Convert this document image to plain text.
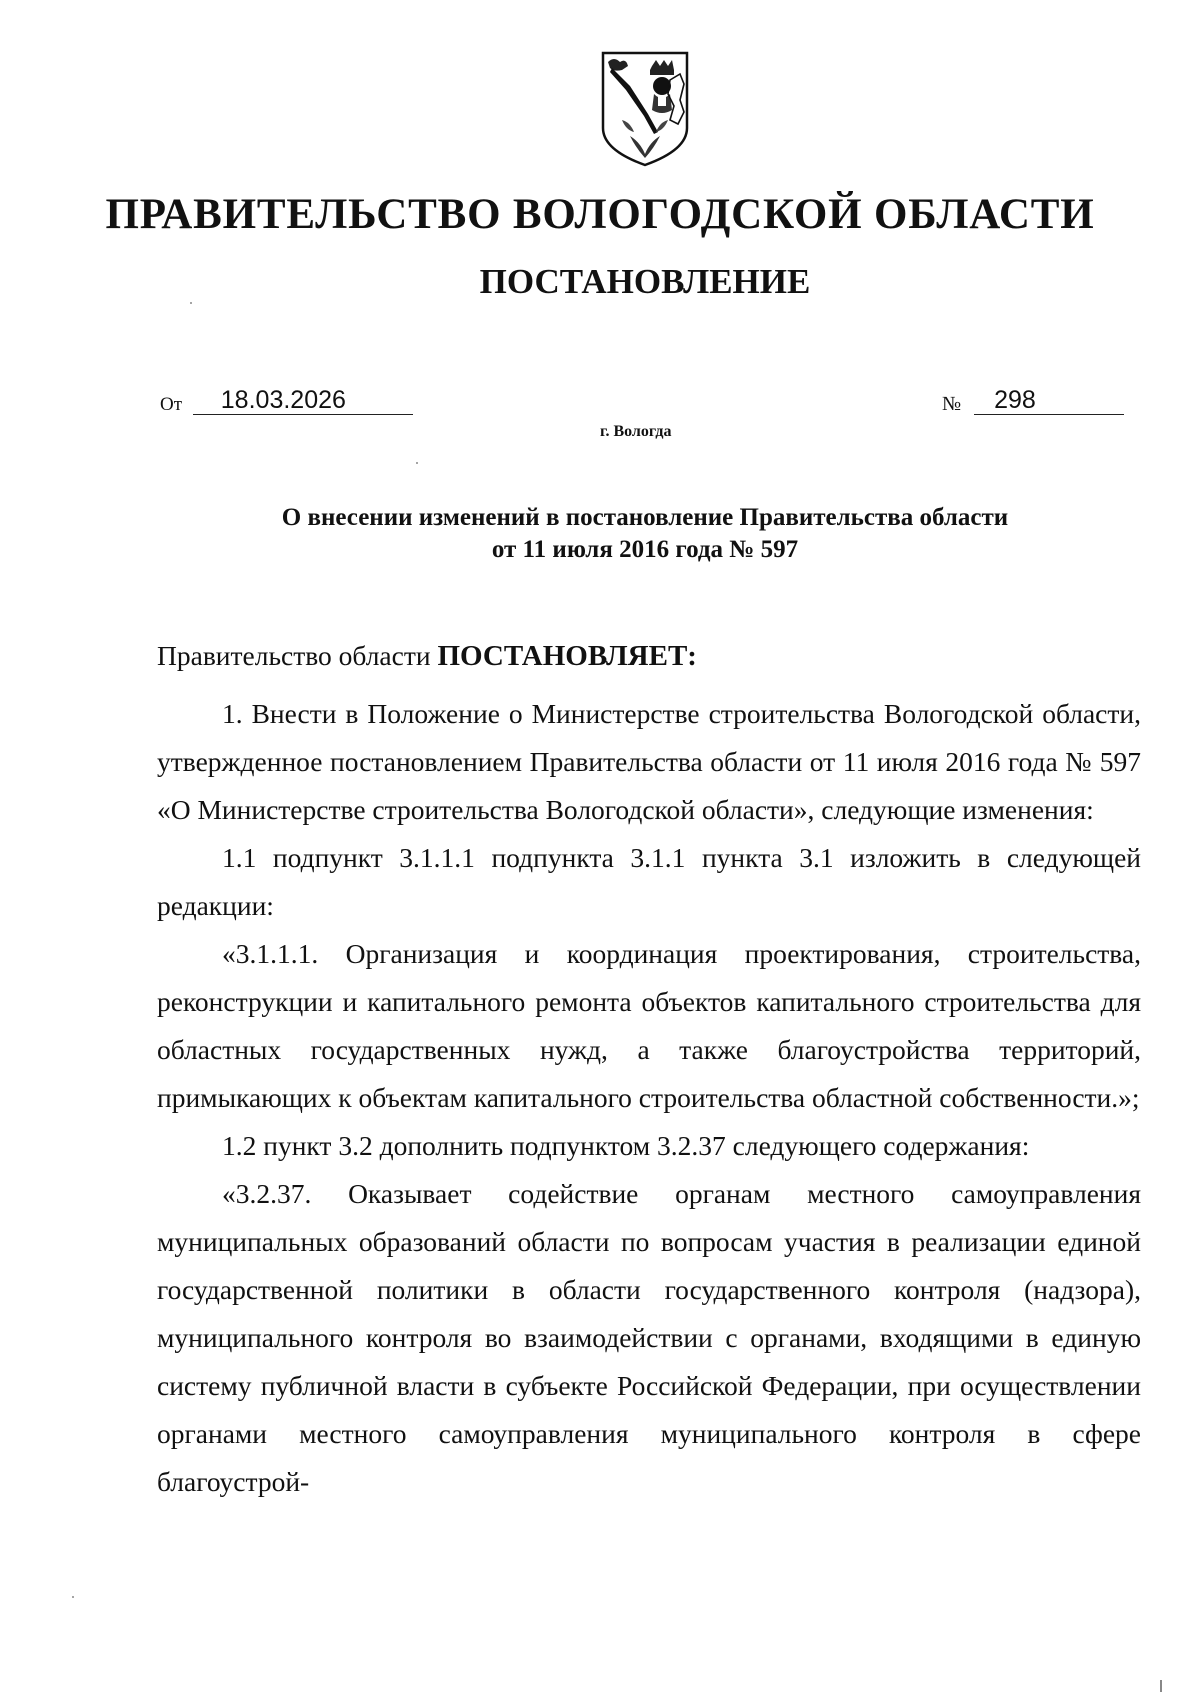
ПРАВИТЕЛЬСТВО ВОЛОГОДСКОЙ ОБЛАСТИ
ПОСТАНОВЛЕНИЕ
От 18.03.2026	№ 298
г. Вологда
О внесении изменений в постановление Правительства области
от 11 июля 2016 года № 597

Правительство области ПОСТАНОВЛЯЕТ:

1. Внести в Положение о Министерстве строительства Вологодской области, утвержденное постановлением Правительства области от 11 июля 2016 года № 597 «О Министерстве строительства Вологодской области», следующие изменения:

1.1 подпункт 3.1.1.1 подпункта 3.1.1 пункта 3.1 изложить в следующей редакции:

«3.1.1.1. Организация и координация проектирования, строительства, реконструкции и капитального ремонта объектов капитального строительства для областных государственных нужд, а также благоустройства территорий, примыкающих к объектам капитального строительства областной собственности.»;

1.2 пункт 3.2 дополнить подпунктом 3.2.37 следующего содержания:

«3.2.37. Оказывает содействие органам местного самоуправления муниципальных образований области по вопросам участия в реализации единой государственной политики в области государственного контроля (надзора), муниципального контроля во взаимодействии с органами, входящими в единую систему публичной власти в субъекте Российской Федерации, при осуществлении органами местного самоуправления муниципального контроля в сфере благоустрой-
